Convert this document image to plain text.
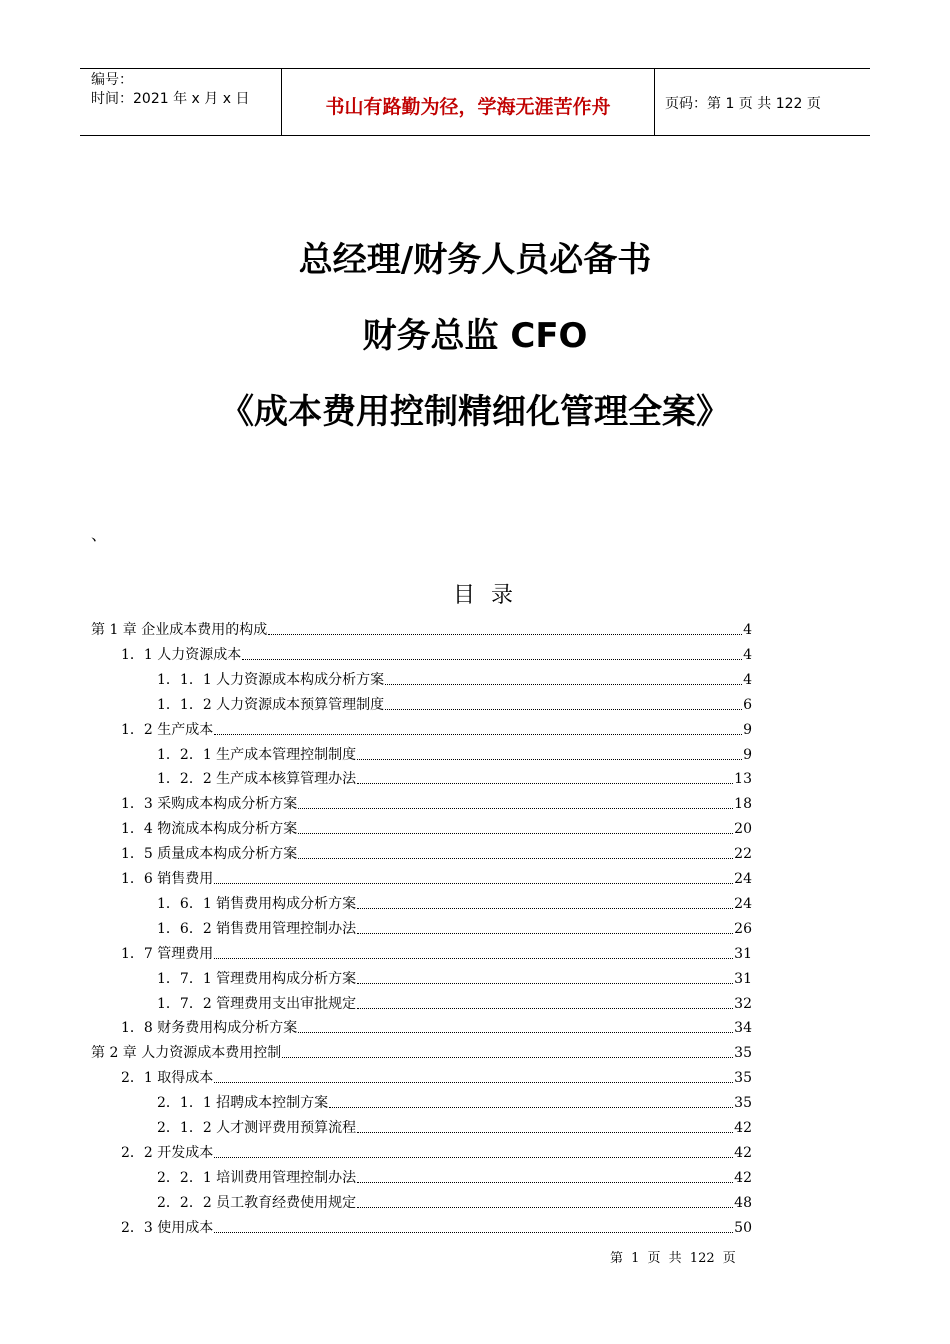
编号：
时间：2021 年 x 月 x 日	书山有路勤为径，学海无涯苦作舟	页码：第 1 页 共 122 页
总经理/财务人员必备书
财务总监 CFO
《成本费用控制精细化管理全案》
、
目录
第 1 章 企业成本费用的构成	4
1．1 人力资源成本	4
1．1．1 人力资源成本构成分析方案	4
1．1．2 人力资源成本预算管理制度	6
1．2 生产成本	9
1．2．1 生产成本管理控制制度	9
1．2．2 生产成本核算管理办法	13
1．3 采购成本构成分析方案	18
1．4 物流成本构成分析方案	20
1．5 质量成本构成分析方案	22
1．6 销售费用	24
1．6．1 销售费用构成分析方案	24
1．6．2 销售费用管理控制办法	26
1．7 管理费用	31
1．7．1 管理费用构成分析方案	31
1．7．2 管理费用支出审批规定	32
1．8 财务费用构成分析方案	34
第 2 章 人力资源成本费用控制	35
2．1 取得成本	35
2．1．1 招聘成本控制方案	35
2．1．2 人才测评费用预算流程	42
2．2 开发成本	42
2．2．1 培训费用管理控制办法	42
2．2．2 员工教育经费使用规定	48
2．3 使用成本	50
第 1 页 共 122 页
